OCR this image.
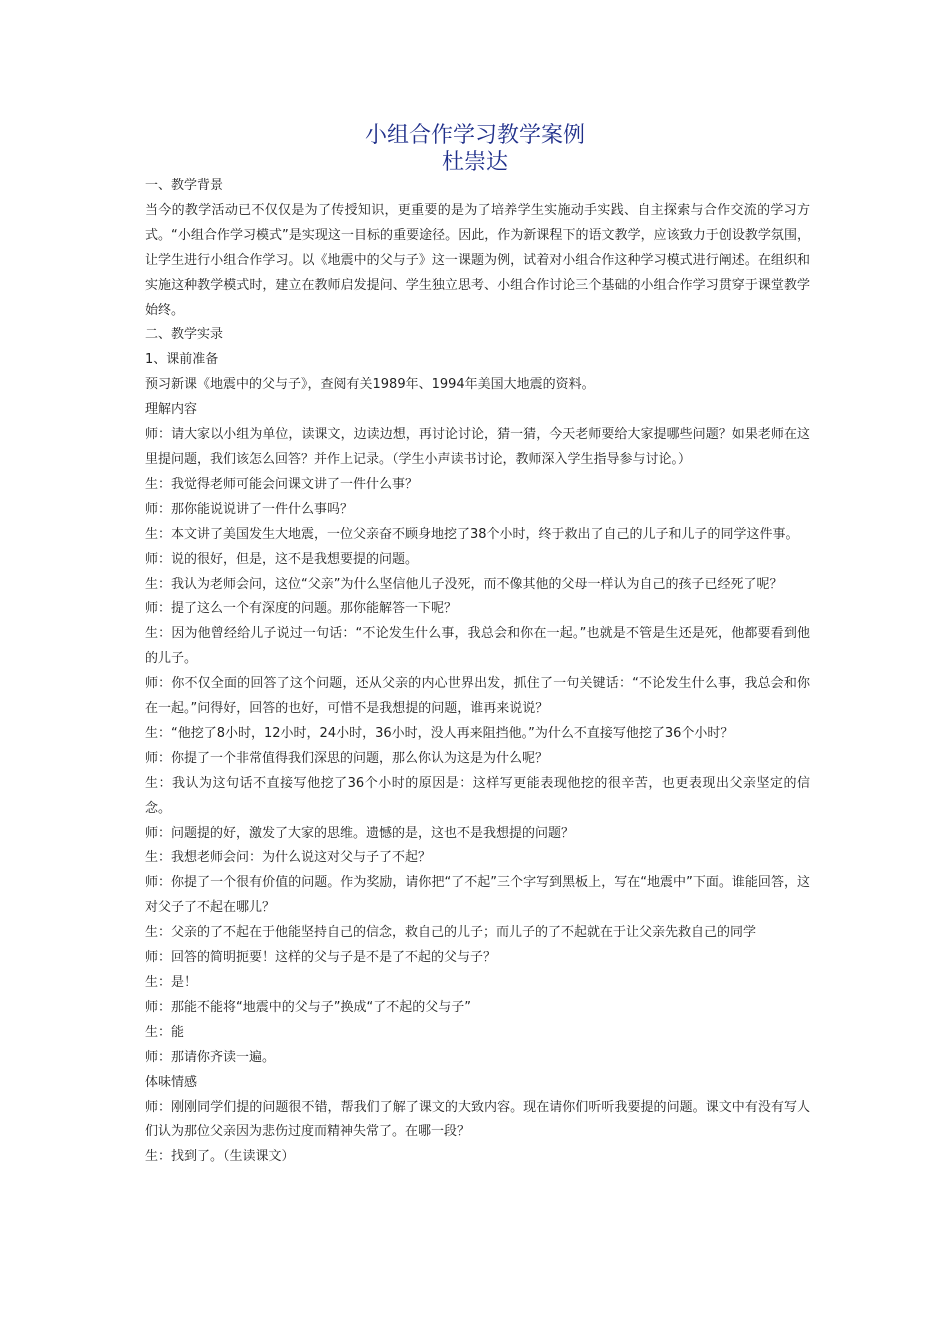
小组合作学习教学案例
杜崇达

一、教学背景

当今的教学活动已不仅仅是为了传授知识，更重要的是为了培养学生实施动手实践、自主探索与合作交流的学习方式。“小组合作学习模式”是实现这一目标的重要途径。因此，作为新课程下的语文教学，应该致力于创设教学氛围，让学生进行小组合作学习。以《地震中的父与子》这一课题为例，试着对小组合作这种学习模式进行阐述。在组织和实施这种教学模式时，建立在教师启发提问、学生独立思考、小组合作讨论三个基础的小组合作学习贯穿于课堂教学始终。

二、教学实录

1、课前准备

预习新课《地震中的父与子》，查阅有关1989年、1994年美国大地震的资料。

理解内容

师：请大家以小组为单位，读课文，边读边想，再讨论讨论，猜一猜，今天老师要给大家提哪些问题？如果老师在这里提问题，我们该怎么回答？并作上记录。（学生小声读书讨论，教师深入学生指导参与讨论。）

生：我觉得老师可能会问课文讲了一件什么事？

师：那你能说说讲了一件什么事吗？

生：本文讲了美国发生大地震，一位父亲奋不顾身地挖了38个小时，终于救出了自己的儿子和儿子的同学这件事。

师：说的很好，但是，这不是我想要提的问题。

生：我认为老师会问，这位“父亲”为什么坚信他儿子没死，而不像其他的父母一样认为自己的孩子已经死了呢？

师：提了这么一个有深度的问题。那你能解答一下呢？

生：因为他曾经给儿子说过一句话：“不论发生什么事，我总会和你在一起。”也就是不管是生还是死，他都要看到他的儿子。

师：你不仅全面的回答了这个问题，还从父亲的内心世界出发，抓住了一句关键话：“不论发生什么事，我总会和你在一起。”问得好，回答的也好，可惜不是我想提的问题，谁再来说说？

生：“他挖了8小时，12小时，24小时，36小时，没人再来阻挡他。”为什么不直接写他挖了36个小时？

师：你提了一个非常值得我们深思的问题，那么你认为这是为什么呢？

生：我认为这句话不直接写他挖了36个小时的原因是：这样写更能表现他挖的很辛苦，也更表现出父亲坚定的信念。

师：问题提的好，激发了大家的思维。遗憾的是，这也不是我想提的问题？

生：我想老师会问：为什么说这对父与子了不起？

师：你提了一个很有价值的问题。作为奖励，请你把“了不起”三个字写到黑板上，写在“地震中”下面。谁能回答，这对父子了不起在哪儿？

生：父亲的了不起在于他能坚持自己的信念，救自己的儿子；而儿子的了不起就在于让父亲先救自己的同学

师：回答的简明扼要！这样的父与子是不是了不起的父与子？

生：是！

师：那能不能将“地震中的父与子”换成“了不起的父与子”

生：能

师：那请你齐读一遍。

体味情感

师：刚刚同学们提的问题很不错，帮我们了解了课文的大致内容。现在请你们听听我要提的问题。课文中有没有写人们认为那位父亲因为悲伤过度而精神失常了。在哪一段？

生：找到了。（生读课文）
